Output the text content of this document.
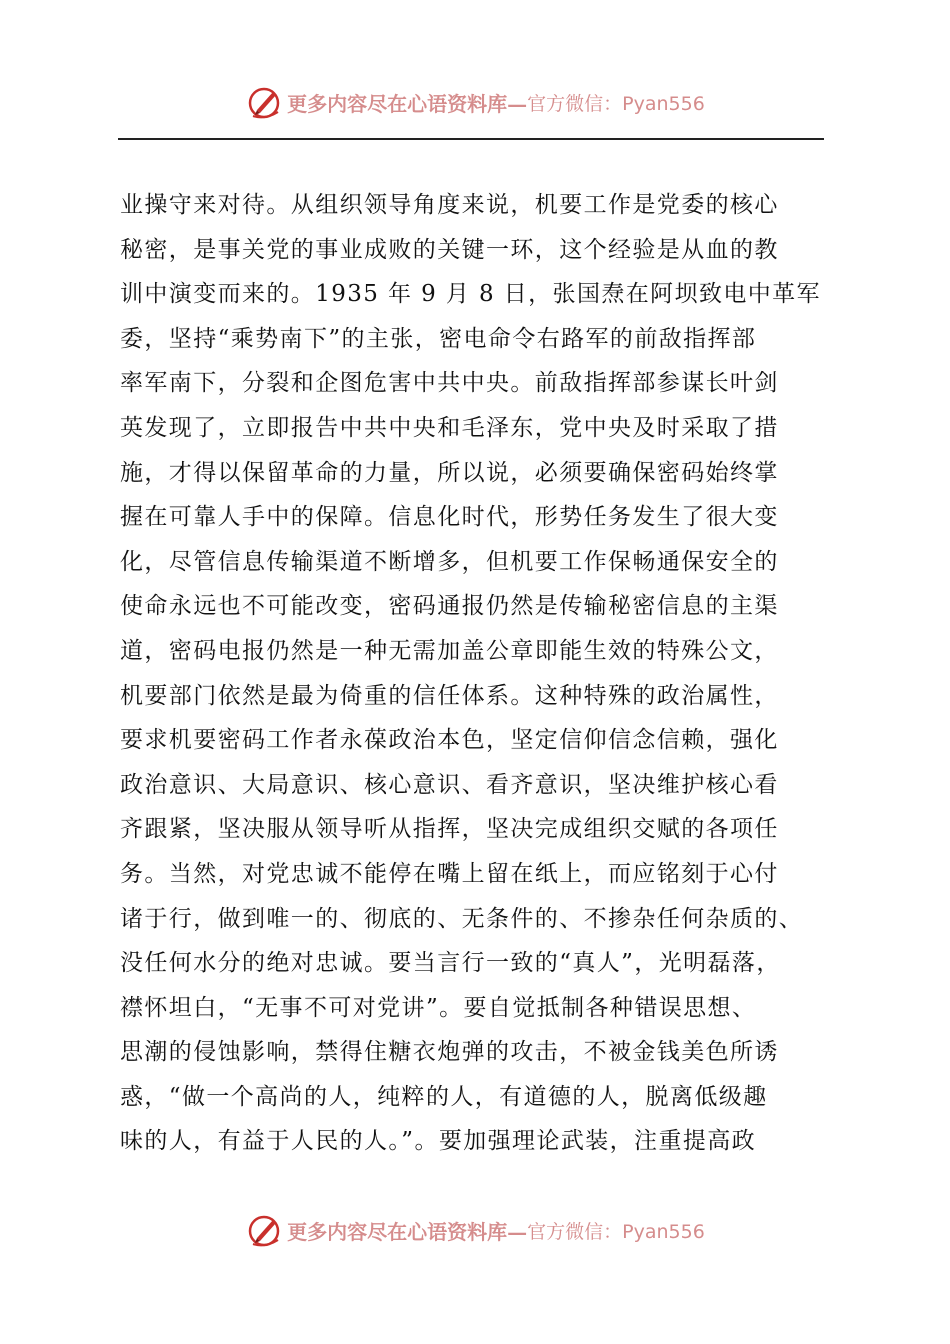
更多内容尽在心语资料库— 官方微信：Pyan556
业操守来对待。从组织领导角度来说，机要工作是党委的核心
秘密，是事关党的事业成败的关键一环，这个经验是从血的教
训中演变而来的。1935 年 9 月 8 日，张国焘在阿坝致电中革军
委，坚持“乘势南下”的主张，密电命令右路军的前敌指挥部
率军南下，分裂和企图危害中共中央。前敌指挥部参谋长叶剑
英发现了，立即报告中共中央和毛泽东，党中央及时采取了措
施，才得以保留革命的力量，所以说，必须要确保密码始终掌
握在可靠人手中的保障。信息化时代，形势任务发生了很大变
化，尽管信息传输渠道不断增多，但机要工作保畅通保安全的
使命永远也不可能改变，密码通报仍然是传输秘密信息的主渠
道，密码电报仍然是一种无需加盖公章即能生效的特殊公文，
机要部门依然是最为倚重的信任体系。这种特殊的政治属性，
要求机要密码工作者永葆政治本色，坚定信仰信念信赖，强化
政治意识、大局意识、核心意识、看齐意识，坚决维护核心看
齐跟紧，坚决服从领导听从指挥，坚决完成组织交赋的各项任
务。当然，对党忠诚不能停在嘴上留在纸上，而应铭刻于心付
诸于行，做到唯一的、彻底的、无条件的、不掺杂任何杂质的、
没任何水分的绝对忠诚。要当言行一致的“真人”，光明磊落，
襟怀坦白，“无事不可对党讲”。要自觉抵制各种错误思想、
思潮的侵蚀影响，禁得住糖衣炮弹的攻击，不被金钱美色所诱
惑，“做一个高尚的人，纯粹的人，有道德的人，脱离低级趣
味的人，有益于人民的人。”。要加强理论武装，注重提高政
更多内容尽在心语资料库— 官方微信：Pyan556
